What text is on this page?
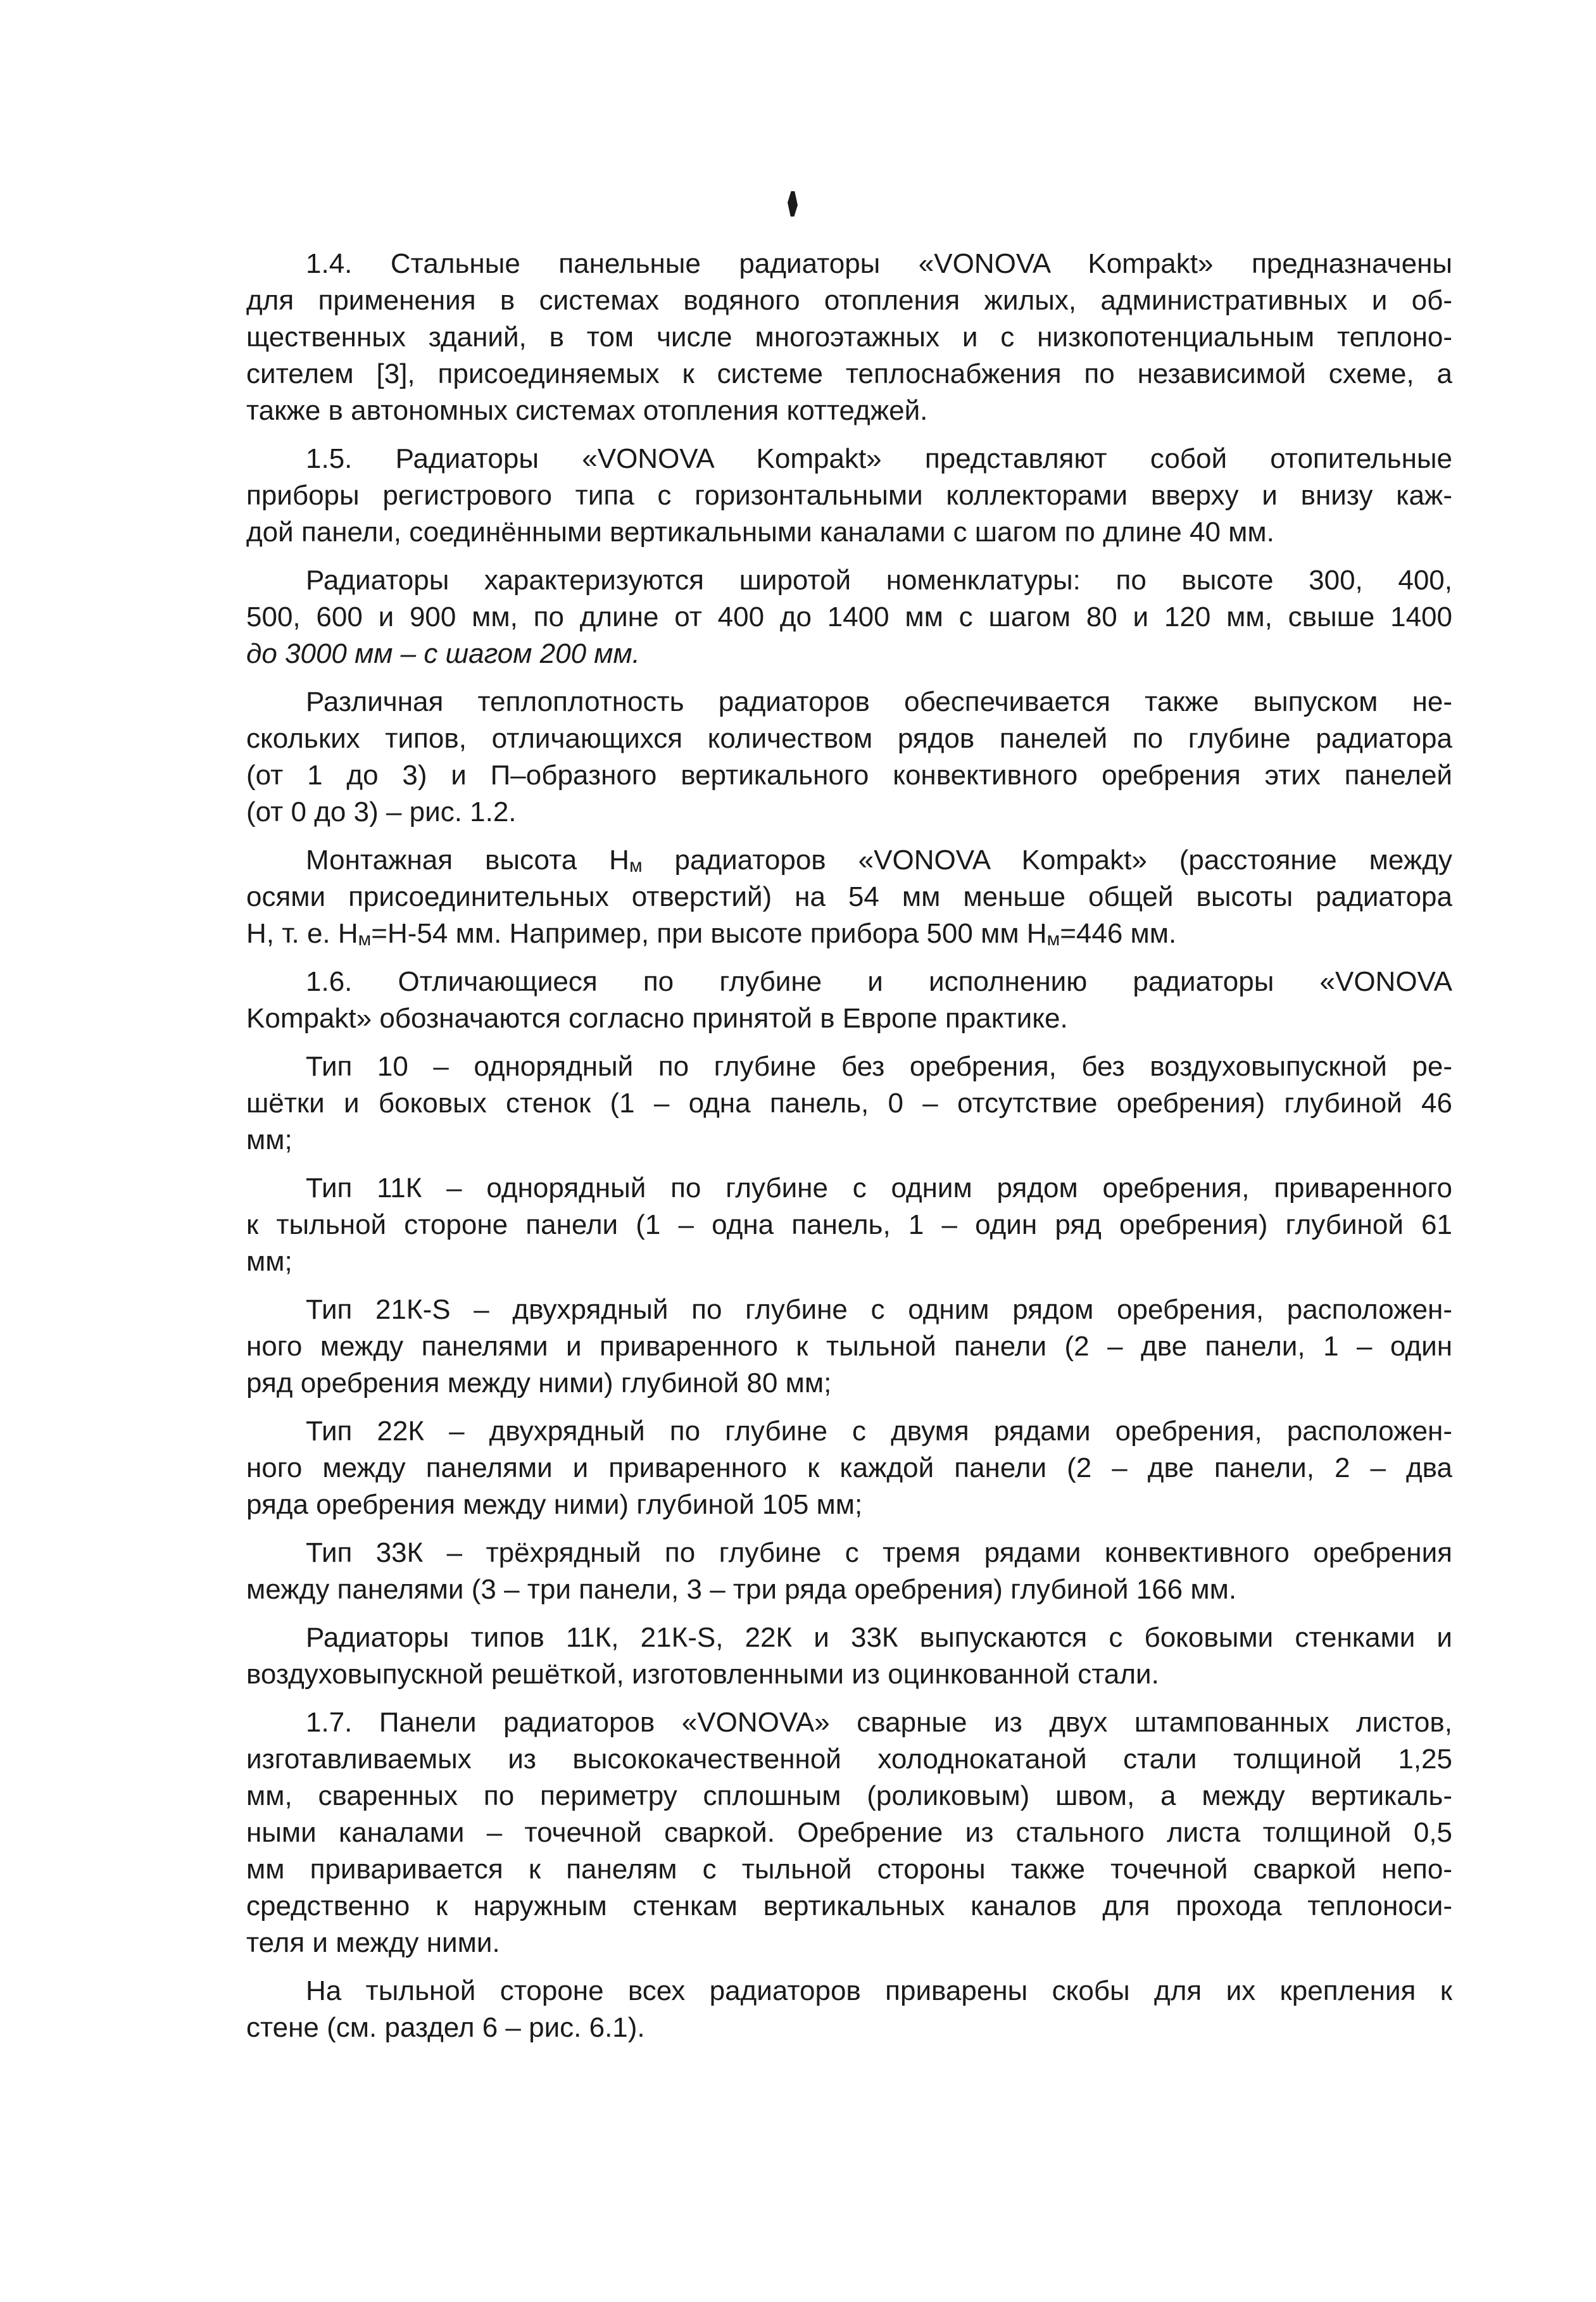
1.4. Стальные панельные радиаторы «VONOVA Kompakt» предназначены
для применения в системах водяного отопления жилых, административных и об-
щественных зданий, в том числе многоэтажных и с низкопотенциальным теплоно-
сителем [3], присоединяемых к системе теплоснабжения по независимой схеме, а
также в автономных системах отопления коттеджей.
1.5. Радиаторы «VONOVA Kompakt» представляют собой отопительные
приборы регистрового типа с горизонтальными коллекторами вверху и внизу каж-
дой панели, соединёнными вертикальными каналами с шагом по длине 40 мм.
Радиаторы характеризуются широтой номенклатуры: по высоте 300, 400,
500, 600 и 900 мм, по длине от 400 до 1400 мм с шагом 80 и 120 мм, свыше 1400
до 3000 мм – с шагом 200 мм.
Различная теплоплотность радиаторов обеспечивается также выпуском не-
скольких типов, отличающихся количеством рядов панелей по глубине радиатора
(от 1 до 3) и П–образного вертикального конвективного оребрения этих панелей
(от 0 до 3) – рис. 1.2.
Монтажная высота $H_м$ радиаторов «VONOVA Kompakt» (расстояние между
осями присоединительных отверстий) на 54 мм меньше общей высоты радиатора
H, т. е. $H_м=H-54$ мм. Например, при высоте прибора 500 мм $H_м=446$ мм.
1.6. Отличающиеся по глубине и исполнению радиаторы «VONOVA
Kompakt» обозначаются согласно принятой в Европе практике.
Тип 10 – однорядный по глубине без оребрения, без воздуховыпускной ре-
шётки и боковых стенок (1 – одна панель, 0 – отсутствие оребрения) глубиной 46
мм;
Тип 11К – однорядный по глубине с одним рядом оребрения, приваренного
к тыльной стороне панели (1 – одна панель, 1 – один ряд оребрения) глубиной 61
мм;
Тип 21К-S – двухрядный по глубине с одним рядом оребрения, расположен-
ного между панелями и приваренного к тыльной панели (2 – две панели, 1 – один
ряд оребрения между ними) глубиной 80 мм;
Тип 22К – двухрядный по глубине с двумя рядами оребрения, расположен-
ного между панелями и приваренного к каждой панели (2 – две панели, 2 – два
ряда оребрения между ними) глубиной 105 мм;
Тип 33К – трёхрядный по глубине с тремя рядами конвективного оребрения
между панелями (3 – три панели, 3 – три ряда оребрения) глубиной 166 мм.
Радиаторы типов 11К, 21К-S, 22К и 33К выпускаются с боковыми стенками и
воздуховыпускной решёткой, изготовленными из оцинкованной стали.
1.7. Панели радиаторов «VONOVA» сварные из двух штампованных листов,
изготавливаемых из высококачественной холоднокатаной стали толщиной 1,25
мм, сваренных по периметру сплошным (роликовым) швом, а между вертикаль-
ными каналами – точечной сваркой. Оребрение из стального листа толщиной 0,5
мм приваривается к панелям с тыльной стороны также точечной сваркой непо-
средственно к наружным стенкам вертикальных каналов для прохода теплоноси-
теля и между ними.
На тыльной стороне всех радиаторов приварены скобы для их крепления к
стене (см. раздел 6 – рис. 6.1).
